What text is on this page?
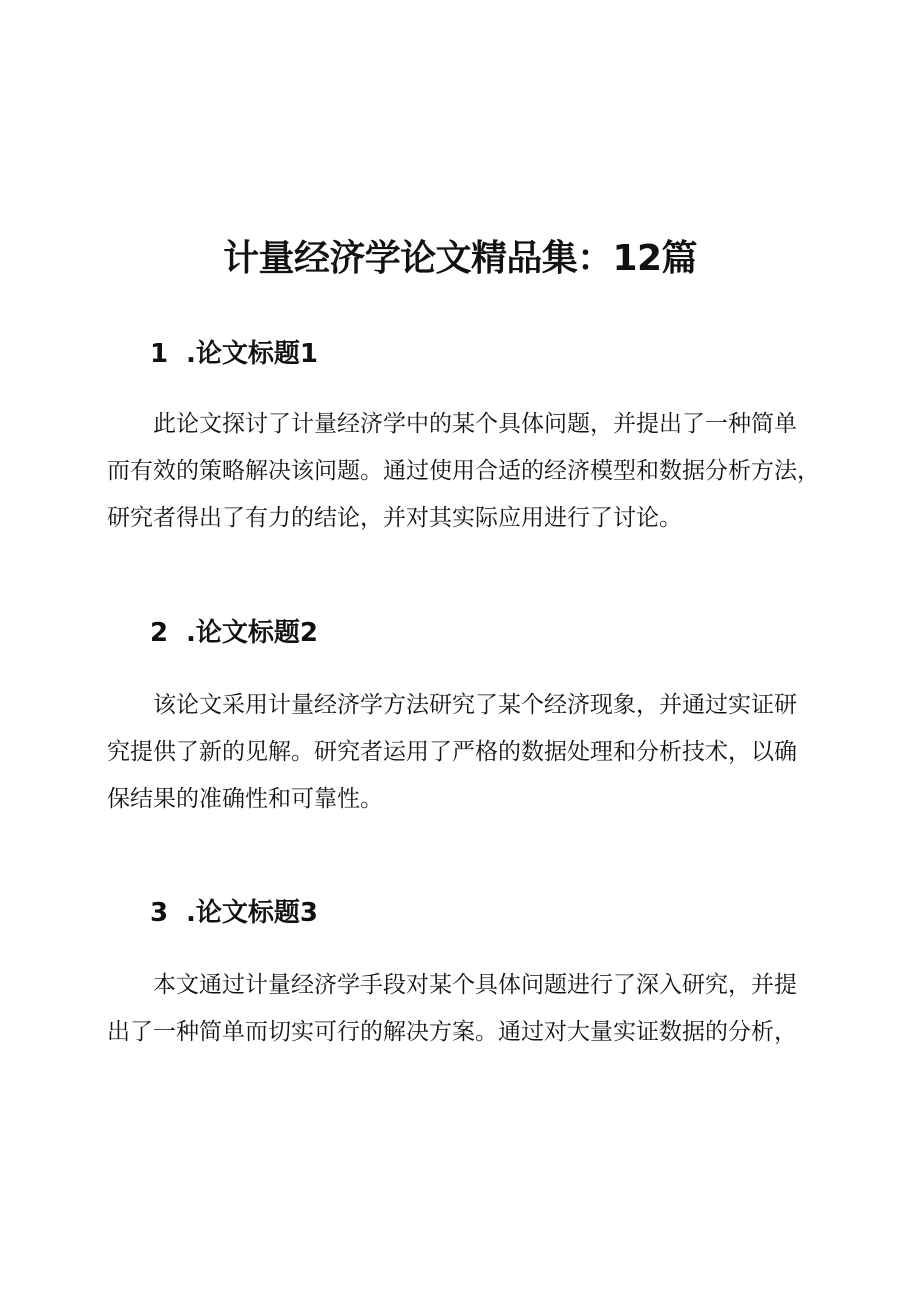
计量经济学论文精品集：12篇
1 .论文标题1
此论文探讨了计量经济学中的某个具体问题，并提出了一种简单
而有效的策略解决该问题。通过使用合适的经济模型和数据分析方法，
研究者得出了有力的结论，并对其实际应用进行了讨论。
2 .论文标题2
该论文采用计量经济学方法研究了某个经济现象，并通过实证研
究提供了新的见解。研究者运用了严格的数据处理和分析技术，以确
保结果的准确性和可靠性。
3 .论文标题3
本文通过计量经济学手段对某个具体问题进行了深入研究，并提
出了一种简单而切实可行的解决方案。通过对大量实证数据的分析，
